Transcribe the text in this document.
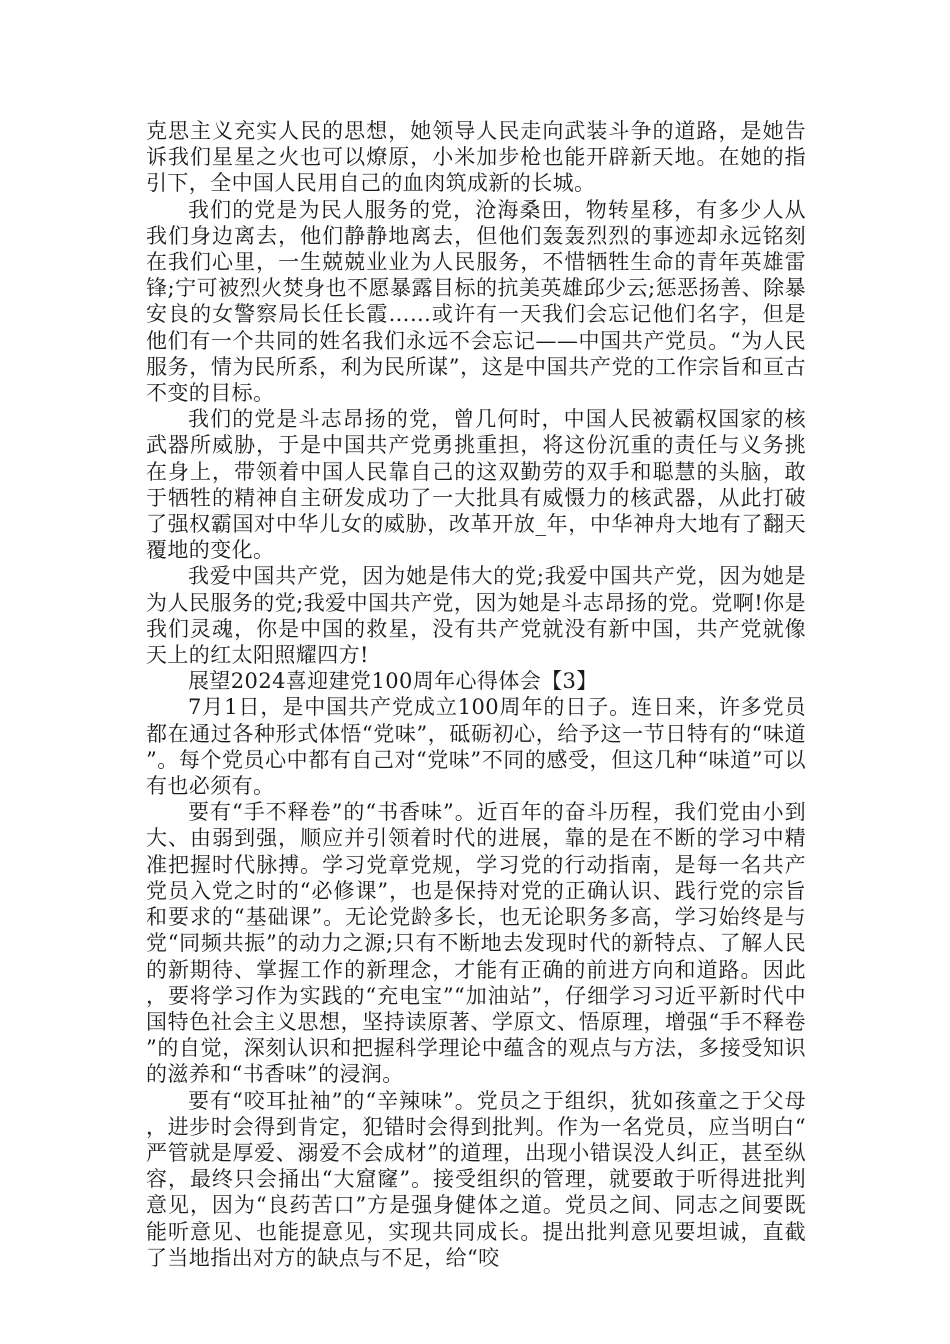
克思主义充实人民的思想，她领导人民走向武装斗争的道路，是她告诉我们星星之火也可以燎原，小米加步枪也能开辟新天地。在她的指引下，全中国人民用自己的血肉筑成新的长城。

我们的党是为民人服务的党，沧海桑田，物转星移，有多少人从我们身边离去，他们静静地离去，但他们轰轰烈烈的事迹却永远铭刻在我们心里，一生兢兢业业为人民服务，不惜牺牲生命的青年英雄雷锋;宁可被烈火焚身也不愿暴露目标的抗美英雄邱少云;惩恶扬善、除暴安良的女警察局长任长霞……或许有一天我们会忘记他们名字，但是他们有一个共同的姓名我们永远不会忘记——中国共产党员。“为人民服务，情为民所系，利为民所谋”，这是中国共产党的工作宗旨和亘古不变的目标。

我们的党是斗志昂扬的党，曾几何时，中国人民被霸权国家的核武器所威胁，于是中国共产党勇挑重担，将这份沉重的责任与义务挑在身上，带领着中国人民靠自己的这双勤劳的双手和聪慧的头脑，敢于牺牲的精神自主研发成功了一大批具有威慑力的核武器，从此打破了强权霸国对中华儿女的威胁，改革开放_年，中华神舟大地有了翻天覆地的变化。

我爱中国共产党，因为她是伟大的党;我爱中国共产党，因为她是为人民服务的党;我爱中国共产党，因为她是斗志昂扬的党。党啊!你是我们灵魂，你是中国的救星，没有共产党就没有新中国，共产党就像天上的红太阳照耀四方!

展望2024喜迎建党100周年心得体会【3】

7月1日，是中国共产党成立100周年的日子。连日来，许多党员都在通过各种形式体悟“党味”，砥砺初心，给予这一节日特有的“味道”。每个党员心中都有自己对“党味”不同的感受，但这几种“味道”可以有也必须有。

要有“手不释卷”的“书香味”。近百年的奋斗历程，我们党由小到大、由弱到强，顺应并引领着时代的进展，靠的是在不断的学习中精准把握时代脉搏。学习党章党规，学习党的行动指南，是每一名共产党员入党之时的“必修课”，也是保持对党的正确认识、践行党的宗旨和要求的“基础课”。无论党龄多长，也无论职务多高，学习始终是与党“同频共振”的动力之源;只有不断地去发现时代的新特点、了解人民的新期待、掌握工作的新理念，才能有正确的前进方向和道路。因此，要将学习作为实践的“充电宝”“加油站”，仔细学习习近平新时代中国特色社会主义思想，坚持读原著、学原文、悟原理，增强“手不释卷”的自觉，深刻认识和把握科学理论中蕴含的观点与方法，多接受知识的滋养和“书香味”的浸润。

要有“咬耳扯袖”的“辛辣味”。党员之于组织，犹如孩童之于父母，进步时会得到肯定，犯错时会得到批判。作为一名党员，应当明白“严管就是厚爱、溺爱不会成材”的道理，出现小错误没人纠正，甚至纵容，最终只会捅出“大窟窿”。接受组织的管理，就要敢于听得进批判意见，因为“良药苦口”方是强身健体之道。党员之间、同志之间要既能听意见、也能提意见，实现共同成长。提出批判意见要坦诚，直截了当地指出对方的缺点与不足，给“咬
